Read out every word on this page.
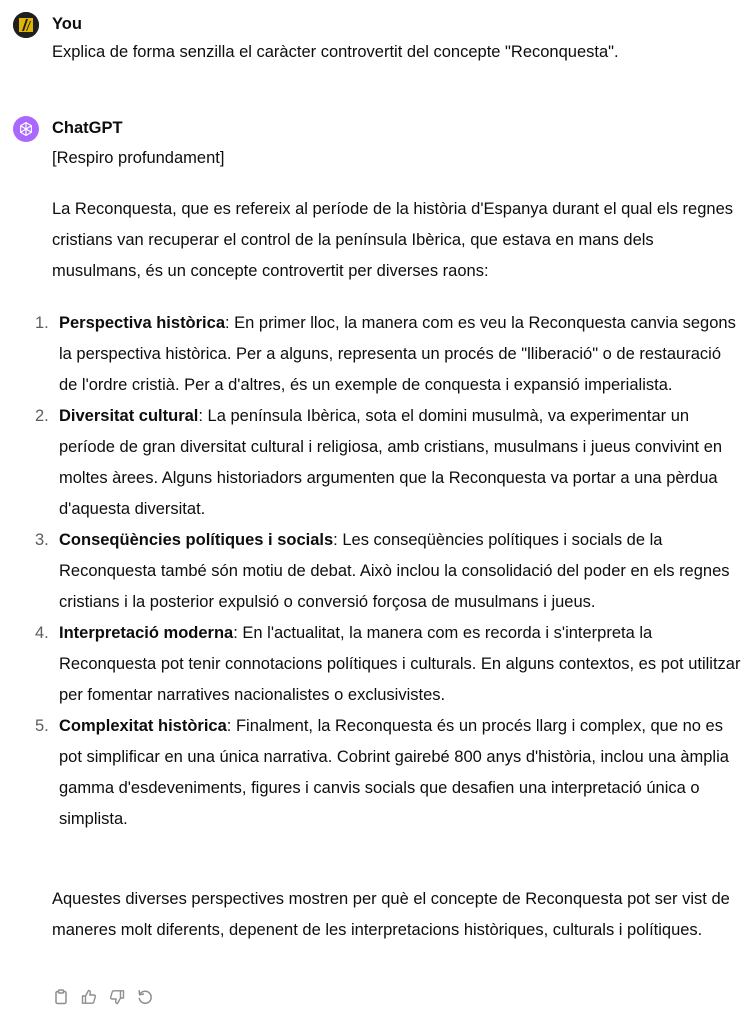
You
Explica de forma senzilla el caràcter controvertit del concepte "Reconquesta".
ChatGPT
[Respiro profundament]
La Reconquesta, que es refereix al període de la història d'Espanya durant el qual els regnes cristians van recuperar el control de la península Ibèrica, que estava en mans dels musulmans, és un concepte controvertit per diverses raons:
1. Perspectiva històrica: En primer lloc, la manera com es veu la Reconquesta canvia segons la perspectiva històrica. Per a alguns, representa un procés de "lliberació" o de restauració de l'ordre cristià. Per a d'altres, és un exemple de conquesta i expansió imperialista.
2. Diversitat cultural: La península Ibèrica, sota el domini musulmà, va experimentar un període de gran diversitat cultural i religiosa, amb cristians, musulmans i jueus convivint en moltes àrees. Alguns historiadors argumenten que la Reconquesta va portar a una pèrdua d'aquesta diversitat.
3. Conseqüències polítiques i socials: Les conseqüències polítiques i socials de la Reconquesta també són motiu de debat. Això inclou la consolidació del poder en els regnes cristians i la posterior expulsió o conversió forçosa de musulmans i jueus.
4. Interpretació moderna: En l'actualitat, la manera com es recorda i s'interpreta la Reconquesta pot tenir connotacions polítiques i culturals. En alguns contextos, es pot utilitzar per fomentar narratives nacionalistes o exclusivistes.
5. Complexitat històrica: Finalment, la Reconquesta és un procés llarg i complex, que no es pot simplificar en una única narrativa. Cobrint gairebé 800 anys d'història, inclou una àmplia gamma d'esdeveniments, figures i canvis socials que desafien una interpretació única o simplista.
Aquestes diverses perspectives mostren per què el concepte de Reconquesta pot ser vist de maneres molt diferents, depenent de les interpretacions històriques, culturals i polítiques.
